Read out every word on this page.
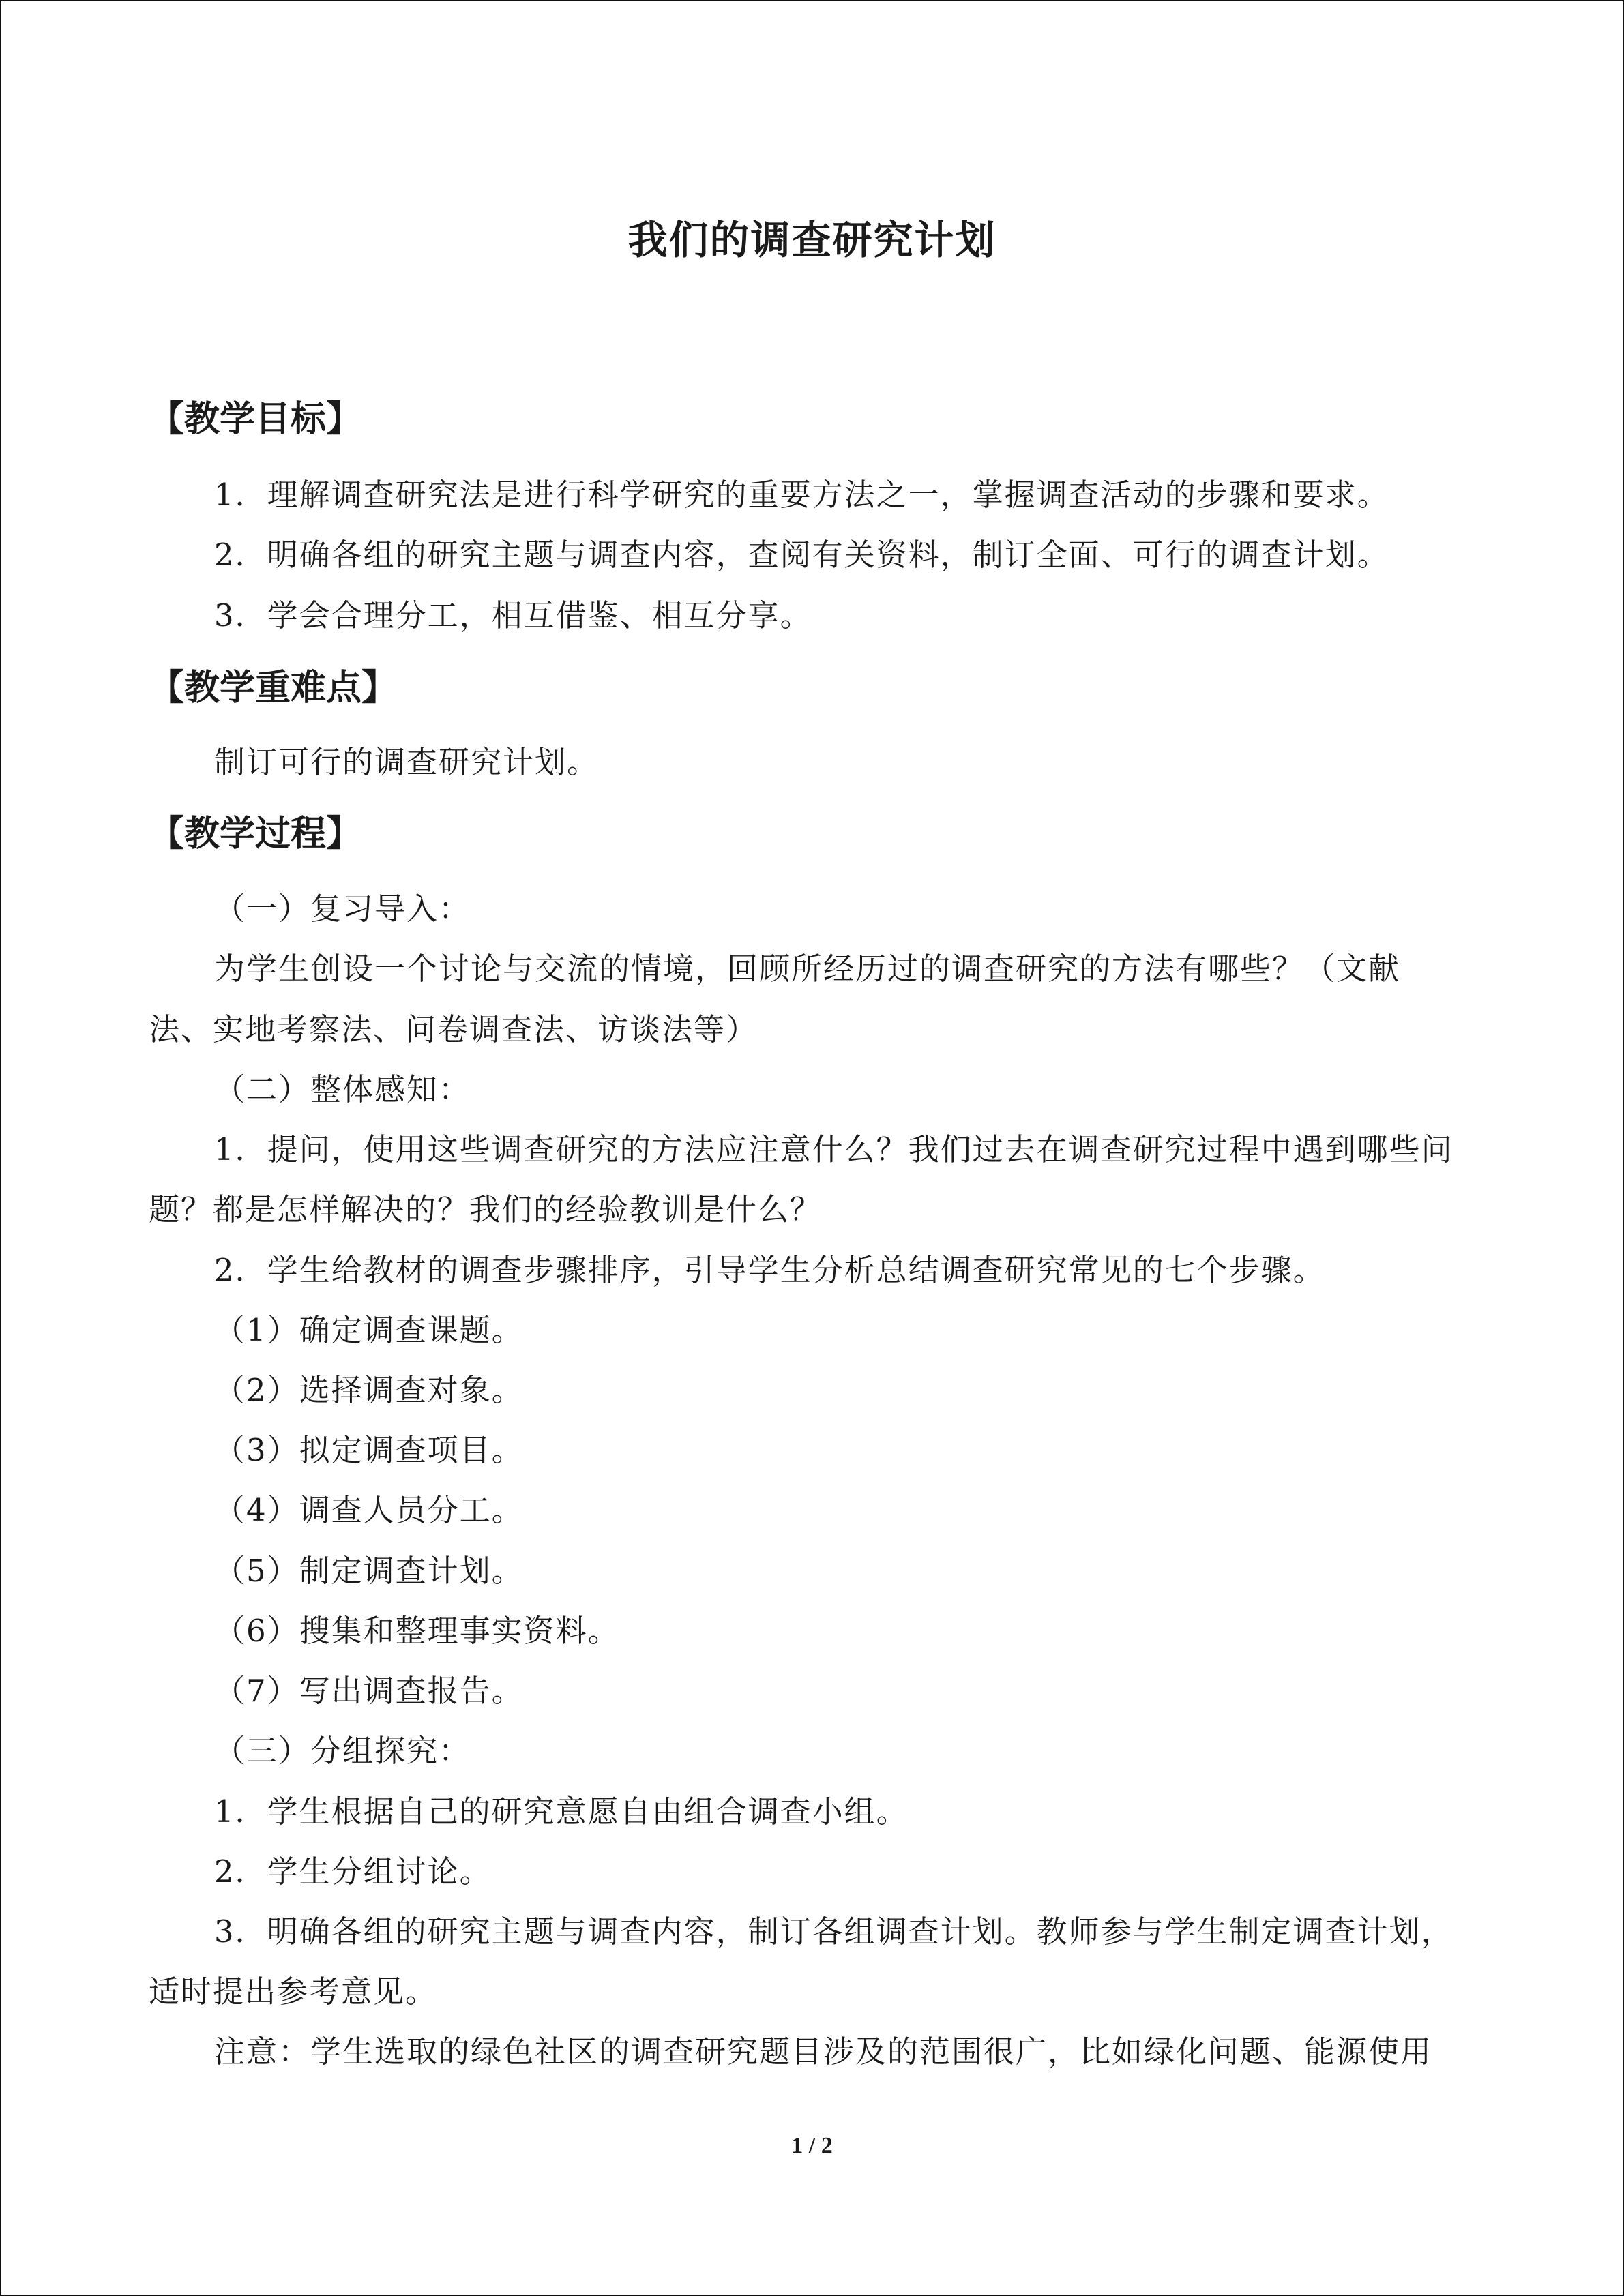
我们的调查研究计划
【教学目标】
1．理解调查研究法是进行科学研究的重要方法之一，掌握调查活动的步骤和要求。
2．明确各组的研究主题与调查内容，查阅有关资料，制订全面、可行的调查计划。
3．学会合理分工，相互借鉴、相互分享。
【教学重难点】
制订可行的调查研究计划。
【教学过程】
（一）复习导入：
为学生创设一个讨论与交流的情境，回顾所经历过的调查研究的方法有哪些？（文献
法、实地考察法、问卷调查法、访谈法等）
（二）整体感知：
1．提问，使用这些调查研究的方法应注意什么？我们过去在调查研究过程中遇到哪些问
题？都是怎样解决的？我们的经验教训是什么？
2．学生给教材的调查步骤排序，引导学生分析总结调查研究常见的七个步骤。
（1）确定调查课题。
（2）选择调查对象。
（3）拟定调查项目。
（4）调查人员分工。
（5）制定调查计划。
（6）搜集和整理事实资料。
（7）写出调查报告。
（三）分组探究：
1．学生根据自己的研究意愿自由组合调查小组。
2．学生分组讨论。
3．明确各组的研究主题与调查内容，制订各组调查计划。教师参与学生制定调查计划，
适时提出参考意见。
注意：学生选取的绿色社区的调查研究题目涉及的范围很广，比如绿化问题、能源使用
1 / 2
